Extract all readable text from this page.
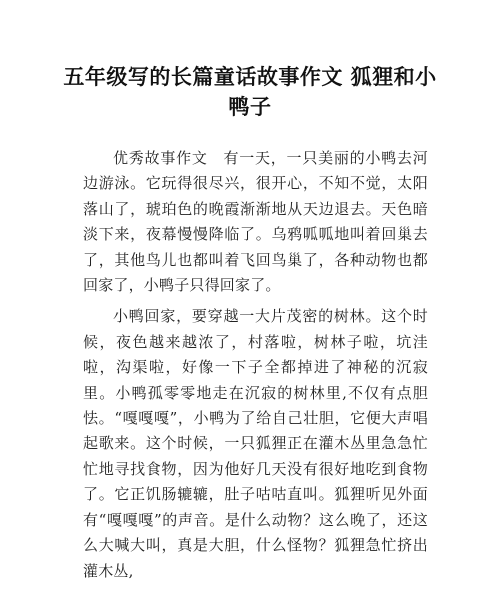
五年级写的长篇童话故事作文 狐狸和小鸭子

优秀故事作文　有一天，一只美丽的小鸭去河边游泳。它玩得很尽兴，很开心，不知不觉，太阳落山了，琥珀色的晚霞渐渐地从天边退去。天色暗淡下来，夜幕慢慢降临了。乌鸦呱呱地叫着回巢去了，其他鸟儿也都叫着飞回鸟巢了，各种动物也都回家了，小鸭子只得回家了。

小鸭回家，要穿越一大片茂密的树林。这个时候，夜色越来越浓了，村落啦，树林子啦，坑洼啦，沟渠啦，好像一下子全都掉进了神秘的沉寂里。小鸭孤零零地走在沉寂的树林里,不仅有点胆怯。“嘎嘎嘎”，小鸭为了给自己壮胆，它便大声唱起歌来。这个时候，一只狐狸正在灌木丛里急急忙忙地寻找食物，因为他好几天没有很好地吃到食物了。它正饥肠辘辘，肚子咕咕直叫。狐狸听见外面有“嘎嘎嘎”的声音。是什么动物？这么晚了，还这么大喊大叫，真是大胆，什么怪物？狐狸急忙挤出灌木丛,
